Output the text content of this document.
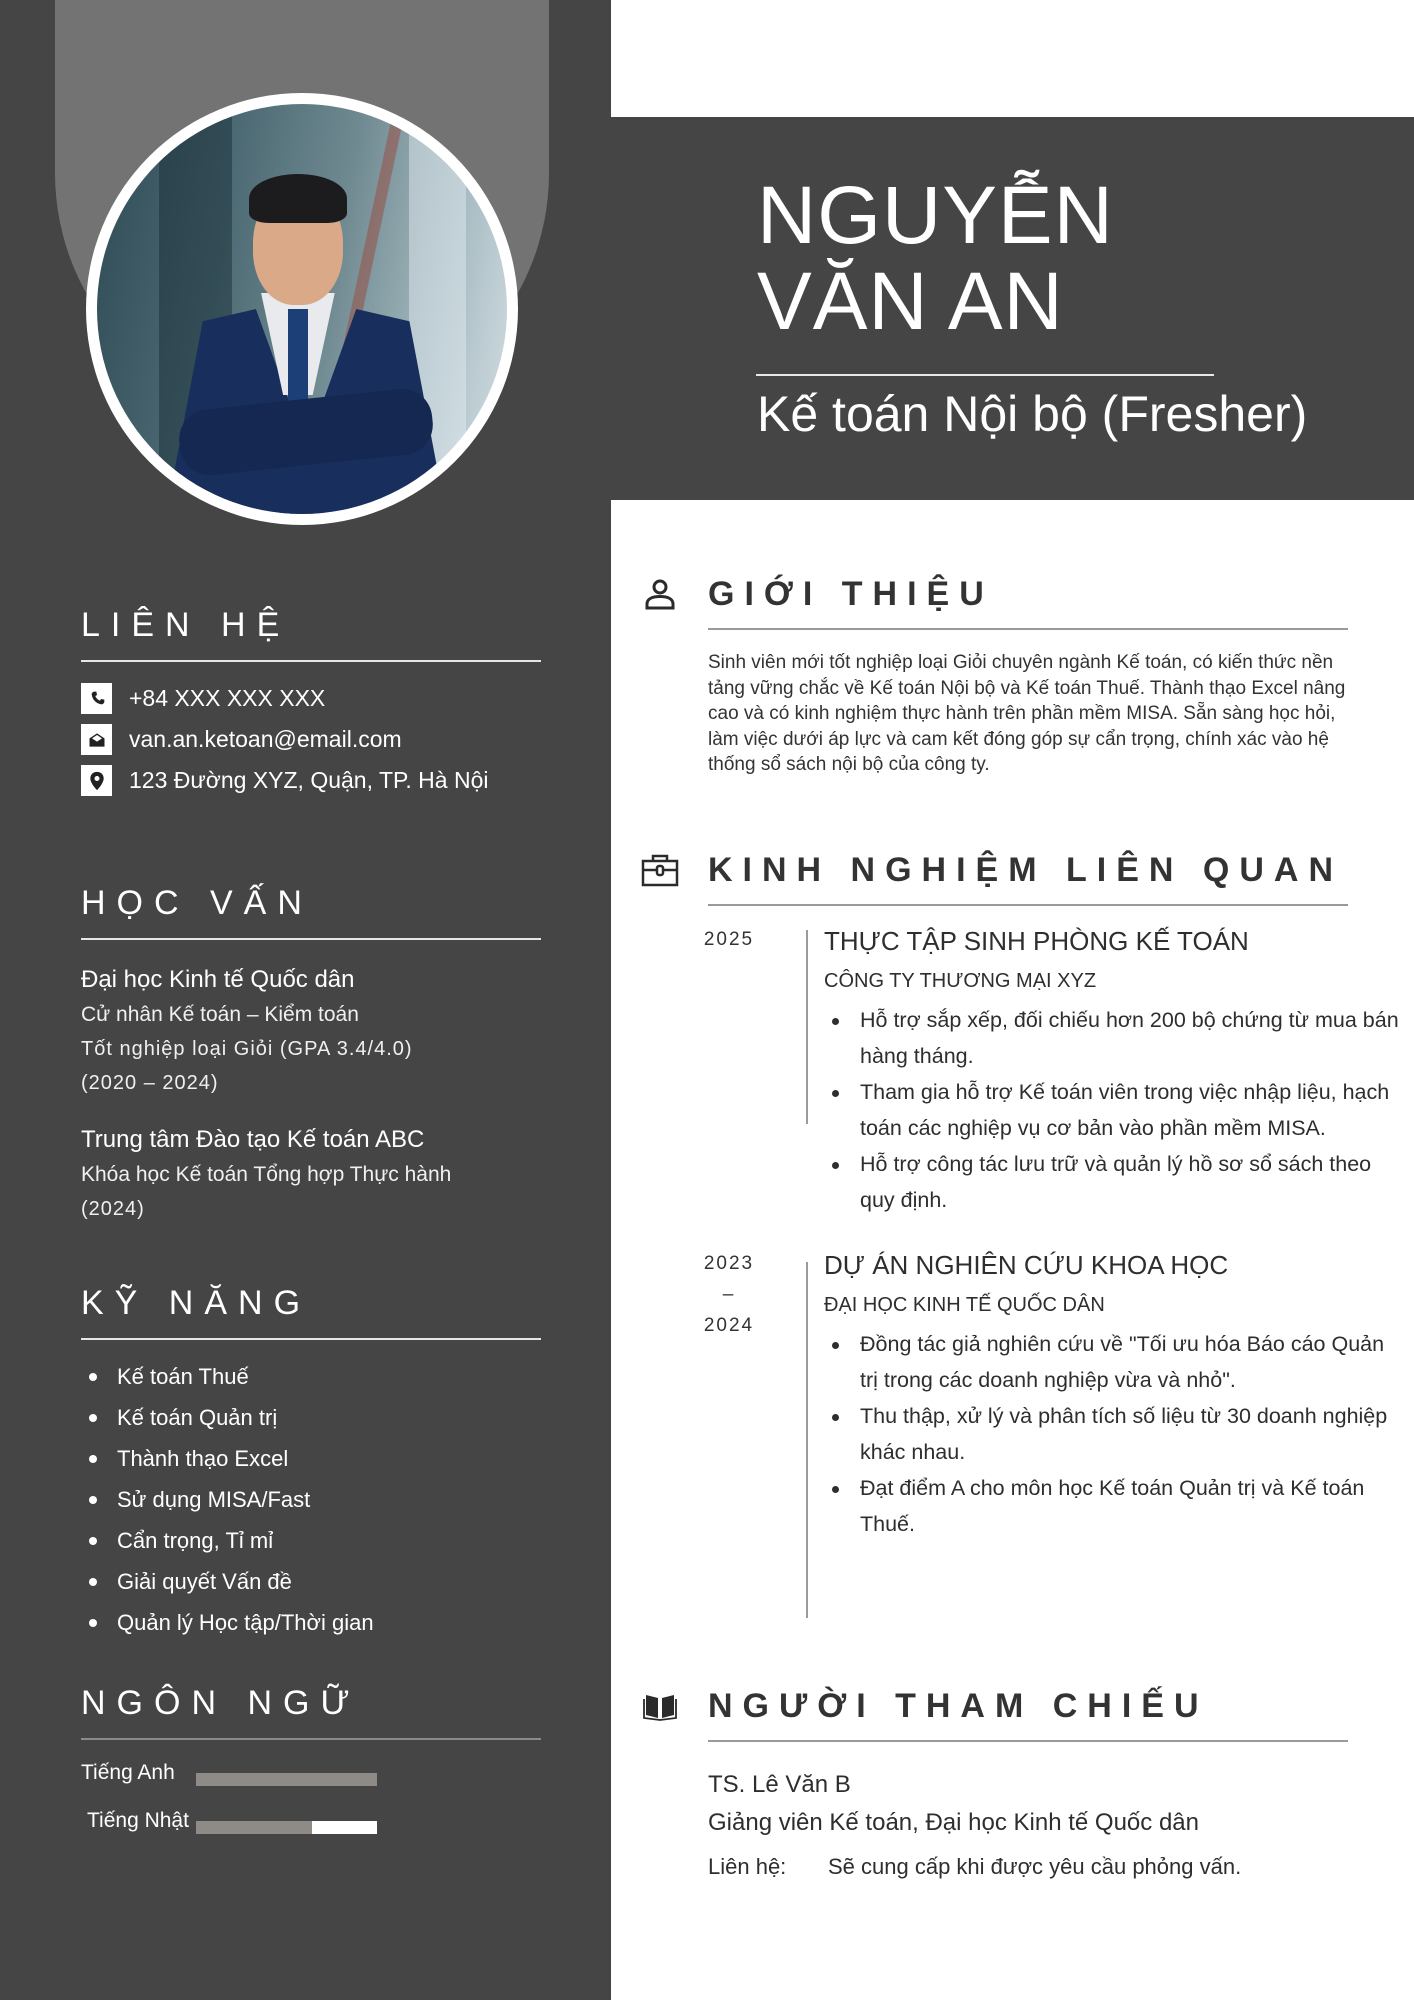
LIÊN HỆ
+84 XXX XXX XXX
van.an.ketoan@email.com
123 Đường XYZ, Quận, TP. Hà Nội
HỌC VẤN
Đại học Kinh tế Quốc dân
Cử nhân Kế toán – Kiểm toán
Tốt nghiệp loại Giỏi (GPA 3.4/4.0)
(2020 – 2024)
Trung tâm Đào tạo Kế toán ABC
Khóa học Kế toán Tổng hợp Thực hành
(2024)
KỸ NĂNG
Kế toán Thuế
Kế toán Quản trị
Thành thạo Excel
Sử dụng MISA/Fast
Cẩn trọng, Tỉ mỉ
Giải quyết Vấn đề
Quản lý Học tập/Thời gian
NGÔN NGỮ
Tiếng Anh
Tiếng Nhật
NGUYỄN
VĂN AN
Kế toán Nội bộ (Fresher)
GIỚI THIỆU

Sinh viên mới tốt nghiệp loại Giỏi chuyên ngành Kế toán, có kiến thức nền tảng vững chắc về Kế toán Nội bộ và Kế toán Thuế. Thành thạo Excel nâng cao và có kinh nghiệm thực hành trên phần mềm MISA. Sẵn sàng học hỏi, làm việc dưới áp lực và cam kết đóng góp sự cẩn trọng, chính xác vào hệ thống sổ sách nội bộ của công ty.

KINH NGHIỆM LIÊN QUAN
2025	THỰC TẬP SINH PHÒNG KẾ TOÁN
CÔNG TY THƯƠNG MẠI XYZ
Hỗ trợ sắp xếp, đối chiếu hơn 200 bộ chứng từ mua bán hàng tháng.
Tham gia hỗ trợ Kế toán viên trong việc nhập liệu, hạch toán các nghiệp vụ cơ bản vào phần mềm MISA.
Hỗ trợ công tác lưu trữ và quản lý hồ sơ sổ sách theo quy định.
2023
–
2024
DỰ ÁN NGHIÊN CỨU KHOA HỌC
ĐẠI HỌC KINH TẾ QUỐC DÂN
Đồng tác giả nghiên cứu về "Tối ưu hóa Báo cáo Quản trị trong các doanh nghiệp vừa và nhỏ".
Thu thập, xử lý và phân tích số liệu từ 30 doanh nghiệp khác nhau.
Đạt điểm A cho môn học Kế toán Quản trị và Kế toán Thuế.
NGƯỜI THAM CHIẾU
TS. Lê Văn B
Giảng viên Kế toán, Đại học Kinh tế Quốc dân
Liên hệ:	Sẽ cung cấp khi được yêu cầu phỏng vấn.
